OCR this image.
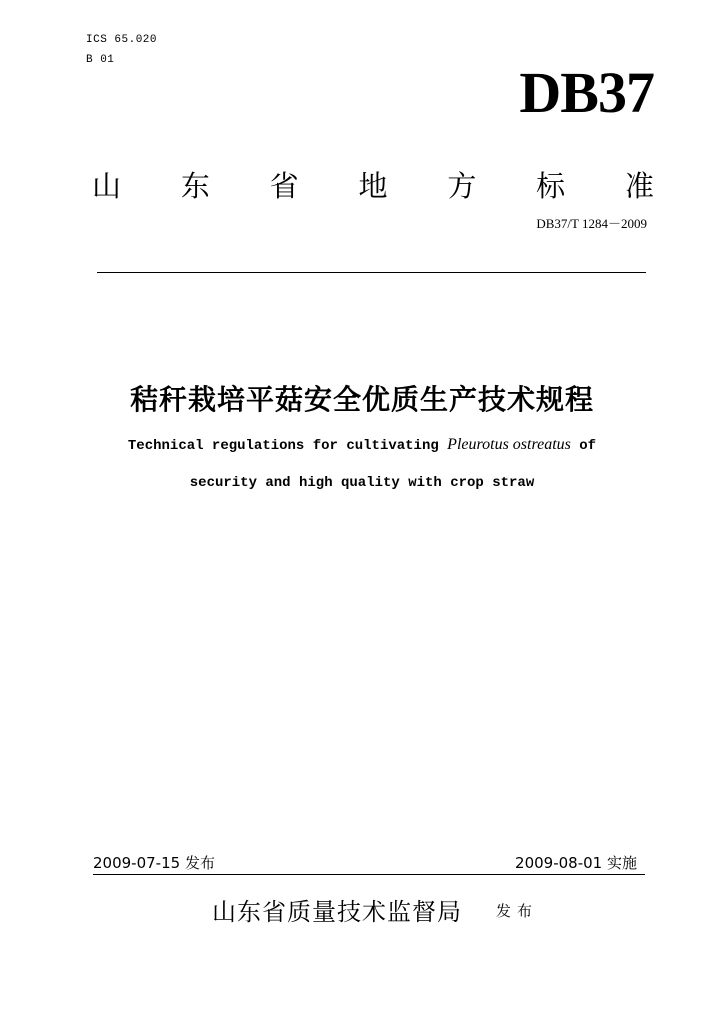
ICS 65.020
B 01	DB37
山 东 省 地 方 标 准
DB37/T 1284－2009
秸秆栽培平菇安全优质生产技术规程
Technical regulations for cultivating Pleurotus ostreatus of
security and high quality with crop straw
2009-07-15 发布	2009-08-01 实施
山东省质量技术监督局 发布
